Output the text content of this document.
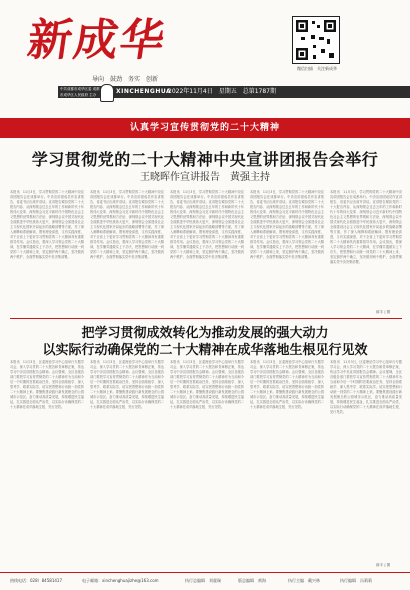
新成华
导向　鼓劲　务实　创新
微信扫描　关注新成华
中共成都市成华区委 成都市成华区人民政府 主办	XINCHENGHUA
2022年11月4日　星期五　总第1787期
认真学习宣传贯彻党的二十大精神
学习贯彻党的二十大精神中央宣讲团报告会举行
王晓晖作宣讲报告　黄强主持
本报讯　11月3日，学习贯彻党的二十大精神中央宣讲团报告会在成都举行。中央宣讲团成员作宣讲报告，省委书记出席并讲话。宣讲报告紧扣党的二十大报告内容，从深刻领会过去五年的工作和新时代十年的伟大变革、深刻领会习近平新时代中国特色社会主义思想的世界观和方法论、深刻领会以中国式现代化全面推进中华民族伟大复兴、深刻领会全面建设社会主义现代化国家开局起步的战略部署等方面，作了深入阐释和系统解读，既有理论高度，又有实践深度，对于全省上下更好学习贯彻党的二十大精神具有重要指导作用。会议指出，要深入学习领会党的二十大精神，在学懂弄通做实上下功夫，把思想和行动统一到党的二十大精神上来，坚定拥护两个确立，坚决做到两个维护，全面贯彻落实党中央决策部署。
本报讯　11月3日，学习贯彻党的二十大精神中央宣讲团报告会在成都举行。中央宣讲团成员作宣讲报告，省委书记出席并讲话。宣讲报告紧扣党的二十大报告内容，从深刻领会过去五年的工作和新时代十年的伟大变革、深刻领会习近平新时代中国特色社会主义思想的世界观和方法论、深刻领会以中国式现代化全面推进中华民族伟大复兴、深刻领会全面建设社会主义现代化国家开局起步的战略部署等方面，作了深入阐释和系统解读，既有理论高度，又有实践深度，对于全省上下更好学习贯彻党的二十大精神具有重要指导作用。会议指出，要深入学习领会党的二十大精神，在学懂弄通做实上下功夫，把思想和行动统一到党的二十大精神上来，坚定拥护两个确立，坚决做到两个维护，全面贯彻落实党中央决策部署。
本报讯　11月3日，学习贯彻党的二十大精神中央宣讲团报告会在成都举行。中央宣讲团成员作宣讲报告，省委书记出席并讲话。宣讲报告紧扣党的二十大报告内容，从深刻领会过去五年的工作和新时代十年的伟大变革、深刻领会习近平新时代中国特色社会主义思想的世界观和方法论、深刻领会以中国式现代化全面推进中华民族伟大复兴、深刻领会全面建设社会主义现代化国家开局起步的战略部署等方面，作了深入阐释和系统解读，既有理论高度，又有实践深度，对于全省上下更好学习贯彻党的二十大精神具有重要指导作用。会议指出，要深入学习领会党的二十大精神，在学懂弄通做实上下功夫，把思想和行动统一到党的二十大精神上来，坚定拥护两个确立，坚决做到两个维护，全面贯彻落实党中央决策部署。
本报讯　11月3日，学习贯彻党的二十大精神中央宣讲团报告会在成都举行。中央宣讲团成员作宣讲报告，省委书记出席并讲话。宣讲报告紧扣党的二十大报告内容，从深刻领会过去五年的工作和新时代十年的伟大变革、深刻领会习近平新时代中国特色社会主义思想的世界观和方法论、深刻领会以中国式现代化全面推进中华民族伟大复兴、深刻领会全面建设社会主义现代化国家开局起步的战略部署等方面，作了深入阐释和系统解读，既有理论高度，又有实践深度，对于全省上下更好学习贯彻党的二十大精神具有重要指导作用。会议指出，要深入学习领会党的二十大精神，在学懂弄通做实上下功夫，把思想和行动统一到党的二十大精神上来，坚定拥护两个确立，坚决做到两个维护，全面贯彻落实党中央决策部署。
本报讯　11月3日，学习贯彻党的二十大精神中央宣讲团报告会在成都举行。中央宣讲团成员作宣讲报告，省委书记出席并讲话。宣讲报告紧扣党的二十大报告内容，从深刻领会过去五年的工作和新时代十年的伟大变革、深刻领会习近平新时代中国特色社会主义思想的世界观和方法论、深刻领会以中国式现代化全面推进中华民族伟大复兴、深刻领会全面建设社会主义现代化国家开局起步的战略部署等方面，作了深入阐释和系统解读，既有理论高度，又有实践深度，对于全省上下更好学习贯彻党的二十大精神具有重要指导作用。会议指出，要深入学习领会党的二十大精神，在学懂弄通做实上下功夫，把思想和行动统一到党的二十大精神上来，坚定拥护两个确立，坚决做到两个维护，全面贯彻落实党中央决策部署。
薛丰 | 图
把学习贯彻成效转化为推动发展的强大动力
以实际行动确保党的二十大精神在成华落地生根见行见效
本报讯　11月3日，区委理论学习中心组举行专题学习会，深入学习党的二十大报告和党章修正案，传达学习中央宣讲团报告会精神。会议强调，全区各级各部门要把学习宣传贯彻党的二十大精神作为当前和今后一个时期的首要政治任务，坚持全面系统学、深入思考学、联系实际学，切实把思想和行动统一到党的二十大精神上来。要聚焦建设践行新发展理念的公园城市示范区，奋力推动高质量发展，持续增进民生福祉，扎实推进全面从严治党，以实际行动确保党的二十大精神在成华落地生根、见行见效。
本报讯　11月3日，区委理论学习中心组举行专题学习会，深入学习党的二十大报告和党章修正案，传达学习中央宣讲团报告会精神。会议强调，全区各级各部门要把学习宣传贯彻党的二十大精神作为当前和今后一个时期的首要政治任务，坚持全面系统学、深入思考学、联系实际学，切实把思想和行动统一到党的二十大精神上来。要聚焦建设践行新发展理念的公园城市示范区，奋力推动高质量发展，持续增进民生福祉，扎实推进全面从严治党，以实际行动确保党的二十大精神在成华落地生根、见行见效。
本报讯　11月3日，区委理论学习中心组举行专题学习会，深入学习党的二十大报告和党章修正案，传达学习中央宣讲团报告会精神。会议强调，全区各级各部门要把学习宣传贯彻党的二十大精神作为当前和今后一个时期的首要政治任务，坚持全面系统学、深入思考学、联系实际学，切实把思想和行动统一到党的二十大精神上来。要聚焦建设践行新发展理念的公园城市示范区，奋力推动高质量发展，持续增进民生福祉，扎实推进全面从严治党，以实际行动确保党的二十大精神在成华落地生根、见行见效。
本报讯　11月3日，区委理论学习中心组举行专题学习会，深入学习党的二十大报告和党章修正案，传达学习中央宣讲团报告会精神。会议强调，全区各级各部门要把学习宣传贯彻党的二十大精神作为当前和今后一个时期的首要政治任务，坚持全面系统学、深入思考学、联系实际学，切实把思想和行动统一到党的二十大精神上来。要聚焦建设践行新发展理念的公园城市示范区，奋力推动高质量发展，持续增进民生福祉，扎实推进全面从严治党，以实际行动确保党的二十大精神在成华落地生根、见行见效。
本报讯　11月3日，区委理论学习中心组举行专题学习会，深入学习党的二十大报告和党章修正案，传达学习中央宣讲团报告会精神。会议强调，全区各级各部门要把学习宣传贯彻党的二十大精神作为当前和今后一个时期的首要政治任务，坚持全面系统学、深入思考学、联系实际学，切实把思想和行动统一到党的二十大精神上来。要聚焦建设践行新发展理念的公园城市示范区，奋力推动高质量发展，持续增进民生福祉，扎实推进全面从严治党，以实际行动确保党的二十大精神在成华落地生根、见行见效。
薛丰 | 图
热线电话：028）84581417	电子邮箱：xinchenghuajizhe@163.com	执行总编辑　刘霍瑞	版总编辑　黄海	执行主编　戴兴林	执行编辑　冯莉莉
